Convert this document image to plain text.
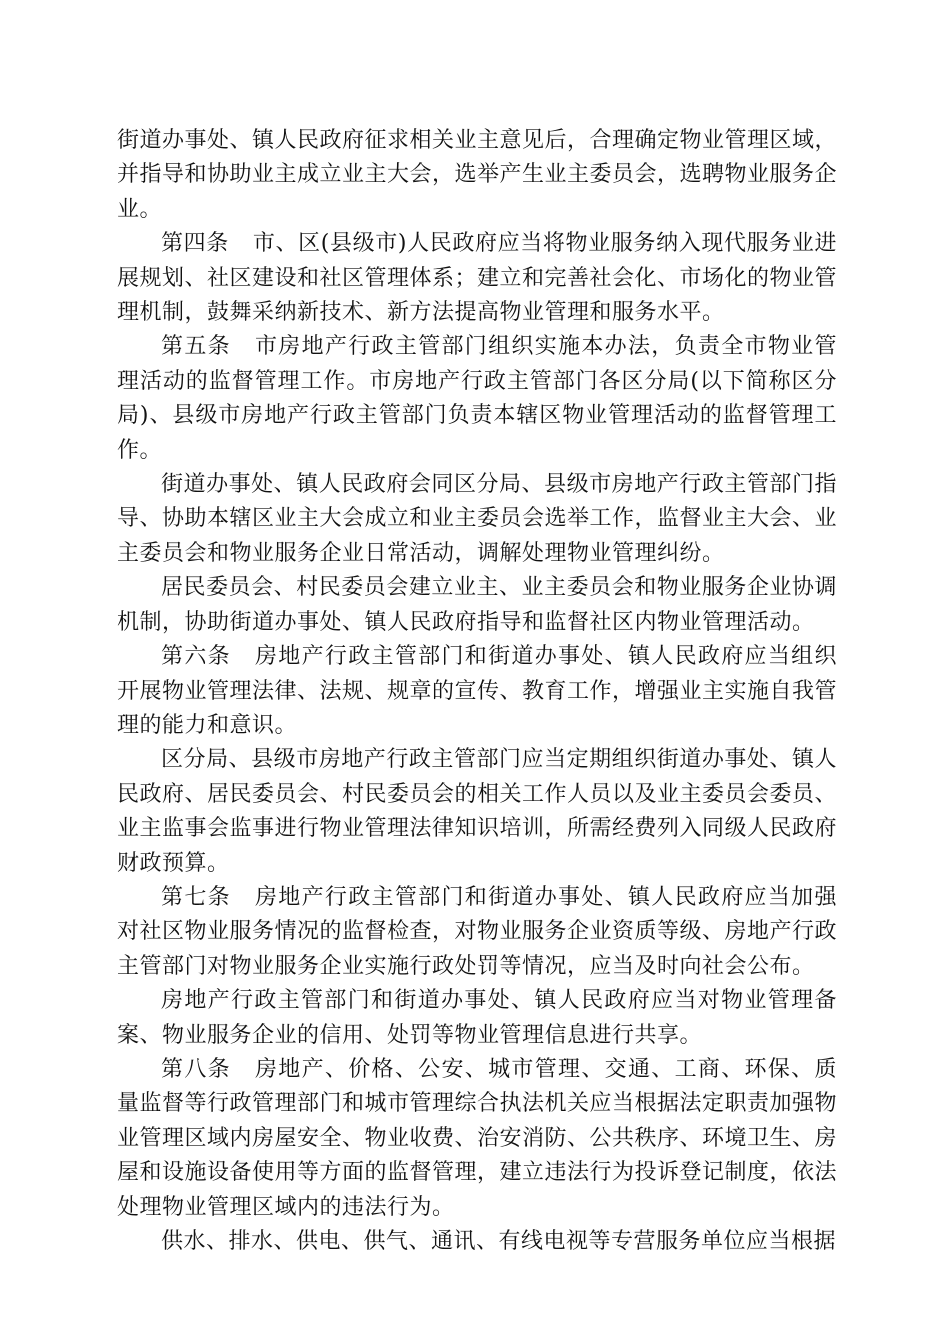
街道办事处、镇人民政府征求相关业主意见后，合理确定物业管理区域，并指导和协助业主成立业主大会，选举产生业主委员会，选聘物业服务企业。

第四条 市、区(县级市)人民政府应当将物业服务纳入现代服务业进展规划、社区建设和社区管理体系；建立和完善社会化、市场化的物业管理机制，鼓舞采纳新技术、新方法提高物业管理和服务水平。

第五条 市房地产行政主管部门组织实施本办法，负责全市物业管理活动的监督管理工作。市房地产行政主管部门各区分局(以下简称区分局)、县级市房地产行政主管部门负责本辖区物业管理活动的监督管理工作。

街道办事处、镇人民政府会同区分局、县级市房地产行政主管部门指导、协助本辖区业主大会成立和业主委员会选举工作，监督业主大会、业主委员会和物业服务企业日常活动，调解处理物业管理纠纷。

居民委员会、村民委员会建立业主、业主委员会和物业服务企业协调机制，协助街道办事处、镇人民政府指导和监督社区内物业管理活动。

第六条 房地产行政主管部门和街道办事处、镇人民政府应当组织开展物业管理法律、法规、规章的宣传、教育工作，增强业主实施自我管理的能力和意识。

区分局、县级市房地产行政主管部门应当定期组织街道办事处、镇人民政府、居民委员会、村民委员会的相关工作人员以及业主委员会委员、业主监事会监事进行物业管理法律知识培训，所需经费列入同级人民政府财政预算。

第七条 房地产行政主管部门和街道办事处、镇人民政府应当加强对社区物业服务情况的监督检查，对物业服务企业资质等级、房地产行政主管部门对物业服务企业实施行政处罚等情况，应当及时向社会公布。

房地产行政主管部门和街道办事处、镇人民政府应当对物业管理备案、物业服务企业的信用、处罚等物业管理信息进行共享。

第八条 房地产、价格、公安、城市管理、交通、工商、环保、质量监督等行政管理部门和城市管理综合执法机关应当根据法定职责加强物业管理区域内房屋安全、物业收费、治安消防、公共秩序、环境卫生、房屋和设施设备使用等方面的监督管理，建立违法行为投诉登记制度，依法处理物业管理区域内的违法行为。

供水、排水、供电、供气、通讯、有线电视等专营服务单位应当根据
